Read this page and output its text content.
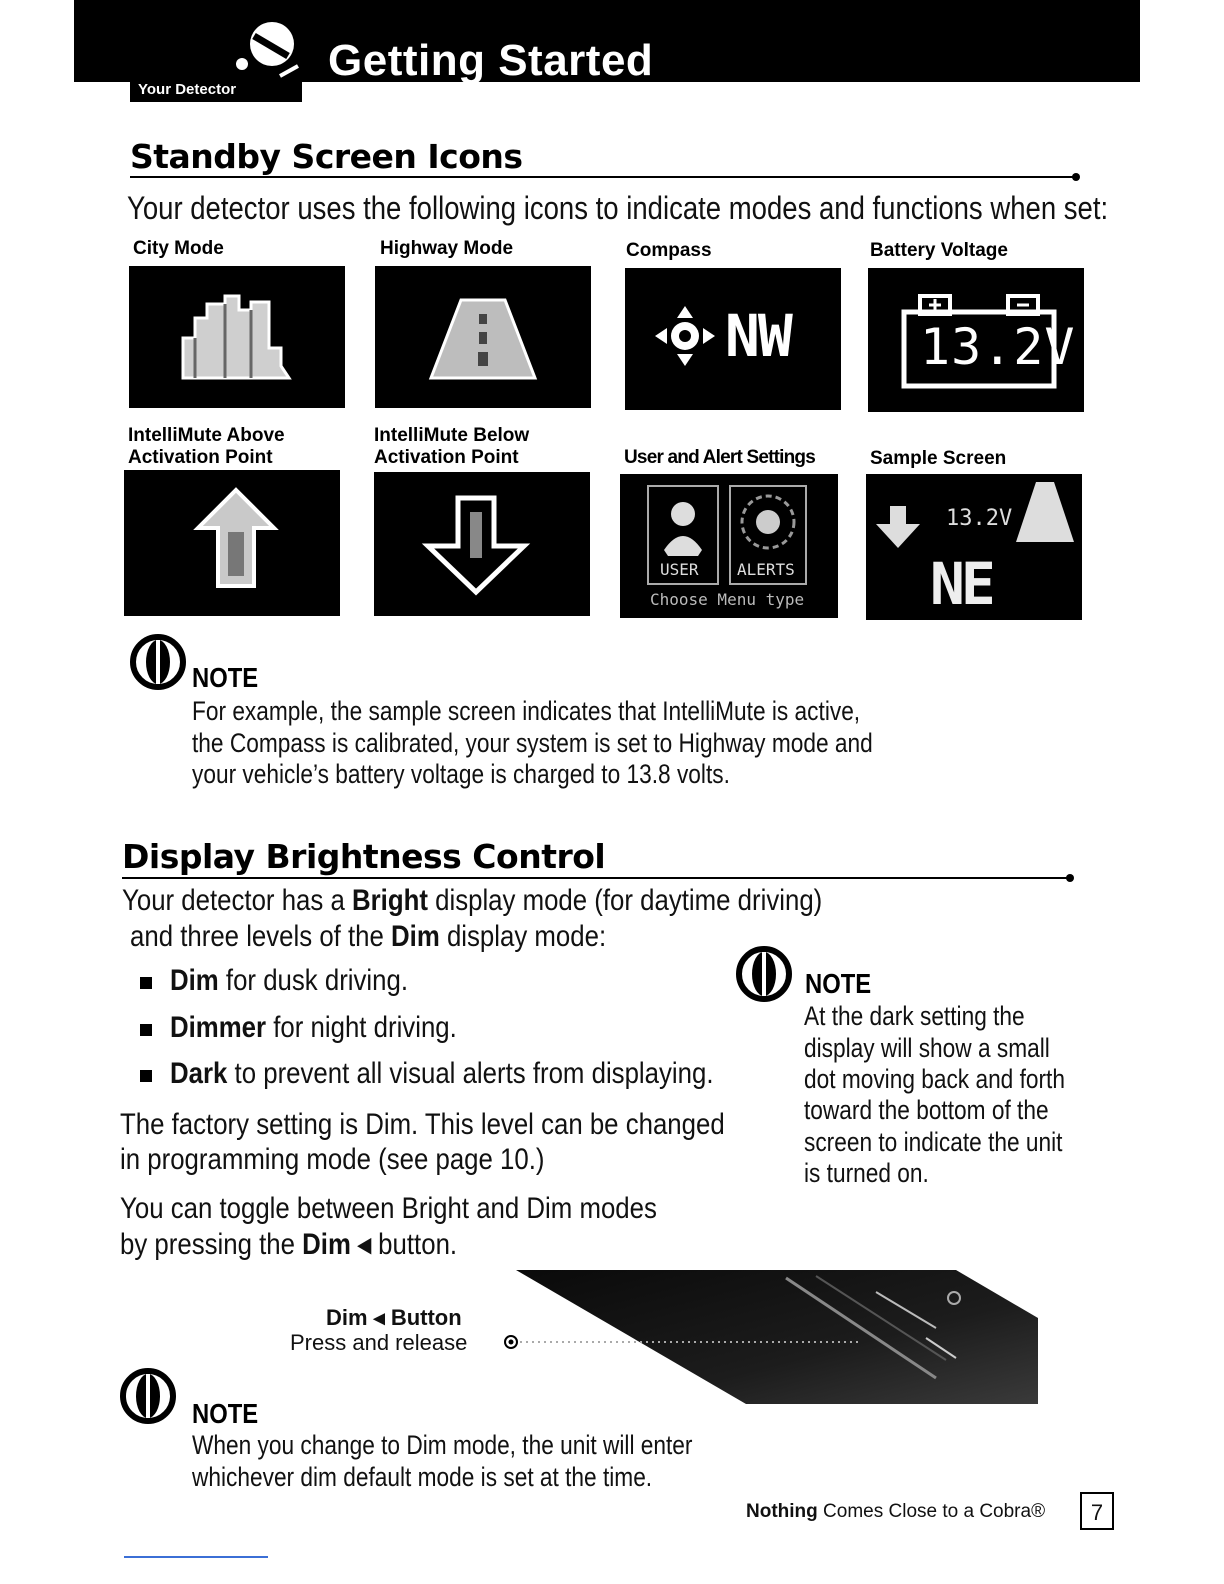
Getting Started
Your Detector
Standby Screen Icons
Your detector uses the following icons to indicate modes and functions when set:
City Mode	Highway Mode	Compass	Battery Voltage
NW	13.2V
IntelliMute Above
Activation Point
IntelliMute Below
Activation Point	User and Alert Settings	Sample Screen
USER ALERTS
Choose Menu type
13.2V
NE
NOTE
For example, the sample screen indicates that IntelliMute is active,
the Compass is calibrated, your system is set to Highway mode and
your vehicle’s battery voltage is charged to 13.8 volts.
Display Brightness Control
Your detector has a Bright display mode (for daytime driving)
and three levels of the Dim display mode:
Dim for dusk driving.
Dimmer for night driving.
Dark to prevent all visual alerts from displaying.
The factory setting is Dim. This level can be changed
in programming mode (see page 10.)
You can toggle between Bright and Dim modes
by pressing the Dim ◂ button.
NOTE
At the dark setting the
display will show a small
dot moving back and forth
toward the bottom of the
screen to indicate the unit
is turned on.
Dim ◂ Button
Press and release
NOTE
When you change to Dim mode, the unit will enter
whichever dim default mode is set at the time.
Nothing Comes Close to a Cobra®	7
